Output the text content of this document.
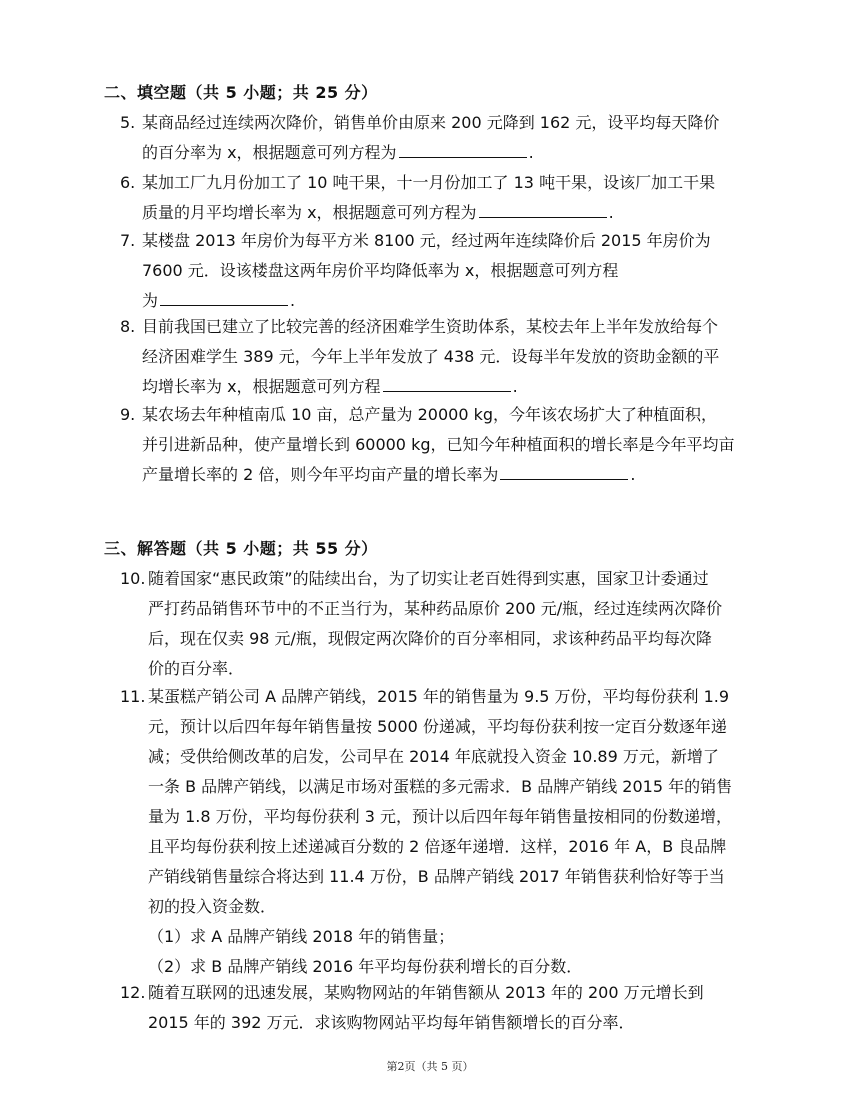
二、填空题（共 5 小题；共 25 分）
5. 某商品经过连续两次降价，销售单价由原来 200 元降到 162 元，设平均每天降价

的百分率为 x，根据题意可列方程为	.

6. 某加工厂九月份加工了 10 吨干果，十一月份加工了 13 吨干果，设该厂加工干果

质量的月平均增长率为 x，根据题意可列方程为	.

7. 某楼盘 2013 年房价为每平方米 8100 元，经过两年连续降价后 2015 年房价为

7600 元．设该楼盘这两年房价平均降低率为 x，根据题意可列方程

为	.

8. 目前我国已建立了比较完善的经济困难学生资助体系，某校去年上半年发放给每个

经济困难学生 389 元，今年上半年发放了 438 元．设每半年发放的资助金额的平

均增长率为 x，根据题意可列方程	.

9. 某农场去年种植南瓜 10 亩，总产量为 20000 kg，今年该农场扩大了种植面积，

并引进新品种，使产量增长到 60000 kg，已知今年种植面积的增长率是今年平均亩

产量增长率的 2 倍，则今年平均亩产量的增长率为	.

三、解答题（共 5 小题；共 55 分）
10. 随着国家“惠民政策”的陆续出台，为了切实让老百姓得到实惠，国家卫计委通过

严打药品销售环节中的不正当行为，某种药品原价 200 元/瓶，经过连续两次降价

后，现在仅卖 98 元/瓶，现假定两次降价的百分率相同，求该种药品平均每次降

价的百分率．

11. 某蛋糕产销公司 A 品牌产销线，2015 年的销售量为 9.5 万份，平均每份获利 1.9

元，预计以后四年每年销售量按 5000 份递减，平均每份获利按一定百分数逐年递

减；受供给侧改革的启发，公司早在 2014 年底就投入资金 10.89 万元，新增了

一条 B 品牌产销线，以满足市场对蛋糕的多元需求．B 品牌产销线 2015 年的销售

量为 1.8 万份，平均每份获利 3 元，预计以后四年每年销售量按相同的份数递增，

且平均每份获利按上述递减百分数的 2 倍逐年递增．这样，2016 年 A，B 良品牌

产销线销售量综合将达到 11.4 万份，B 品牌产销线 2017 年销售获利恰好等于当

初的投入资金数．

（1）求 A 品牌产销线 2018 年的销售量；

（2）求 B 品牌产销线 2016 年平均每份获利增长的百分数．

12. 随着互联网的迅速发展，某购物网站的年销售额从 2013 年的 200 万元增长到

2015 年的 392 万元．求该购物网站平均每年销售额增长的百分率．

第2页（共 5 页）
